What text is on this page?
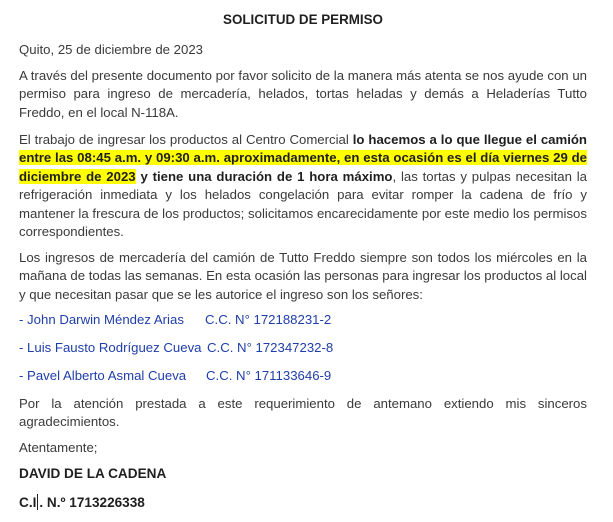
SOLICITUD DE PERMISO
Quito, 25 de diciembre de 2023
A través del presente documento por favor solicito de la manera más atenta se nos ayude con un permiso para ingreso de mercadería, helados, tortas heladas y demás a Heladerías Tutto Freddo, en el local N-118A.
El trabajo de ingresar los productos al Centro Comercial lo hacemos a lo que llegue el camión entre las 08:45 a.m. y 09:30 a.m. aproximadamente, en esta ocasión es el día viernes 29 de diciembre de 2023 y tiene una duración de 1 hora máximo, las tortas y pulpas necesitan la refrigeración inmediata y los helados congelación para evitar romper la cadena de frío y mantener la frescura de los productos; solicitamos encarecidamente por este medio los permisos correspondientes.
Los ingresos de mercadería del camión de Tutto Freddo siempre son todos los miércoles en la mañana de todas las semanas. En esta ocasión las personas para ingresar los productos al local y que necesitan pasar que se les autorice el ingreso son los señores:
- John Darwin Méndez Arias C.C. N° 172188231-2
- Luis Fausto Rodríguez Cueva C.C. N° 172347232-8
- Pavel Alberto Asmal Cueva C.C. N° 171133646-9
Por la atención prestada a este requerimiento de antemano extiendo mis sinceros agradecimientos.
Atentamente;
DAVID DE LA CADENA
C.I . N.º 1713226338
